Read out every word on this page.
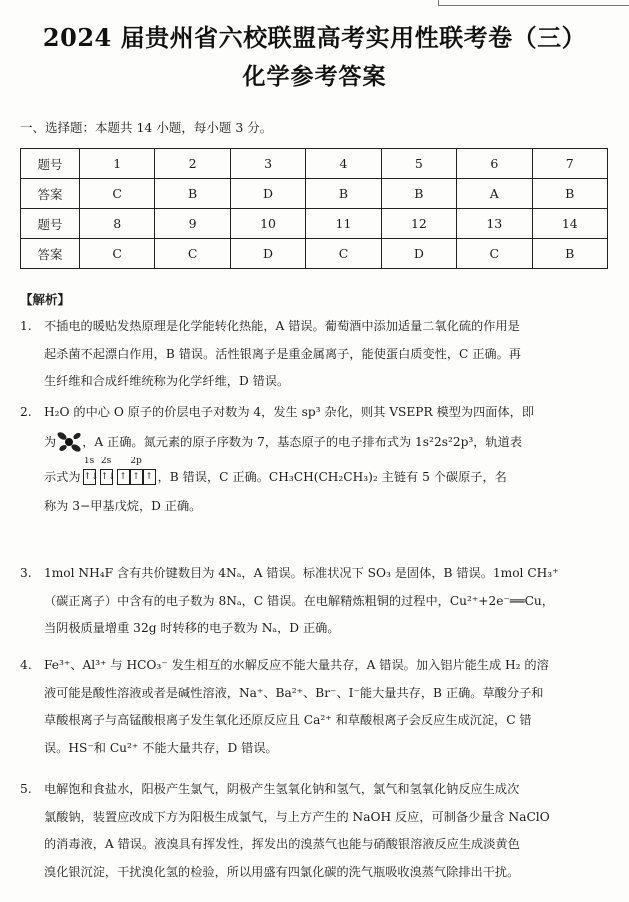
2024 届贵州省六校联盟高考实用性联考卷（三）
化学参考答案
一、选择题：本题共 14 小题，每小题 3 分。
题号	1	2	3	4	5	6	7
答案	C	B	D	B	B	A	B
题号	8	9	10	11	12	13	14
答案	C	C	D	C	D	C	B
【解析】
1. 不插电的暖贴发热原理是化学能转化热能，A 错误。葡萄酒中添加适量二氧化硫的作用是
起杀菌不起漂白作用，B 错误。活性银离子是重金属离子，能使蛋白质变性，C 正确。再
生纤维和合成纤维统称为化学纤维，D 错误。
2. H₂O 的中心 O 原子的价层电子对数为 4，发生 sp³ 杂化，则其 VSEPR 模型为四面体，即
为 ，A 正确。氮元素的原子序数为 7，基态原子的电子排布式为 1s²2s²2p³，轨道表
示式为
1s
↑↓
2s
↑↓
2p
↑ ↑ ↑ ，B 错误，C 正确。CH₃CH(CH₂CH₃)₂ 主链有 5 个碳原子，名
称为 3−甲基戊烷，D 正确。
3. 1mol NH₄F 含有共价键数目为 4Nₐ，A 错误。标准状况下 SO₃ 是固体，B 错误。1mol CH₃⁺
（碳正离子）中含有的电子数为 8Nₐ，C 错误。在电解精炼粗铜的过程中，Cu²⁺+2e⁻══Cu，
当阴极质量增重 32g 时转移的电子数为 Nₐ，D 正确。
4. Fe³⁺、Al³⁺ 与 HCO₃⁻ 发生相互的水解反应不能大量共存，A 错误。加入铝片能生成 H₂ 的溶
液可能是酸性溶液或者是碱性溶液，Na⁺、Ba²⁺、Br⁻、I⁻能大量共存，B 正确。草酸分子和
草酸根离子与高锰酸根离子发生氧化还原反应且 Ca²⁺ 和草酸根离子会反应生成沉淀，C 错
误。HS⁻和 Cu²⁺ 不能大量共存，D 错误。
5. 电解饱和食盐水，阳极产生氯气，阴极产生氢氧化钠和氢气，氯气和氢氧化钠反应生成次
氯酸钠，装置应改成下方为阳极生成氯气，与上方产生的 NaOH 反应，可制备少量含 NaClO
的消毒液，A 错误。液溴具有挥发性，挥发出的溴蒸气也能与硝酸银溶液反应生成淡黄色
溴化银沉淀，干扰溴化氢的检验，所以用盛有四氯化碳的洗气瓶吸收溴蒸气除排出干扰。
